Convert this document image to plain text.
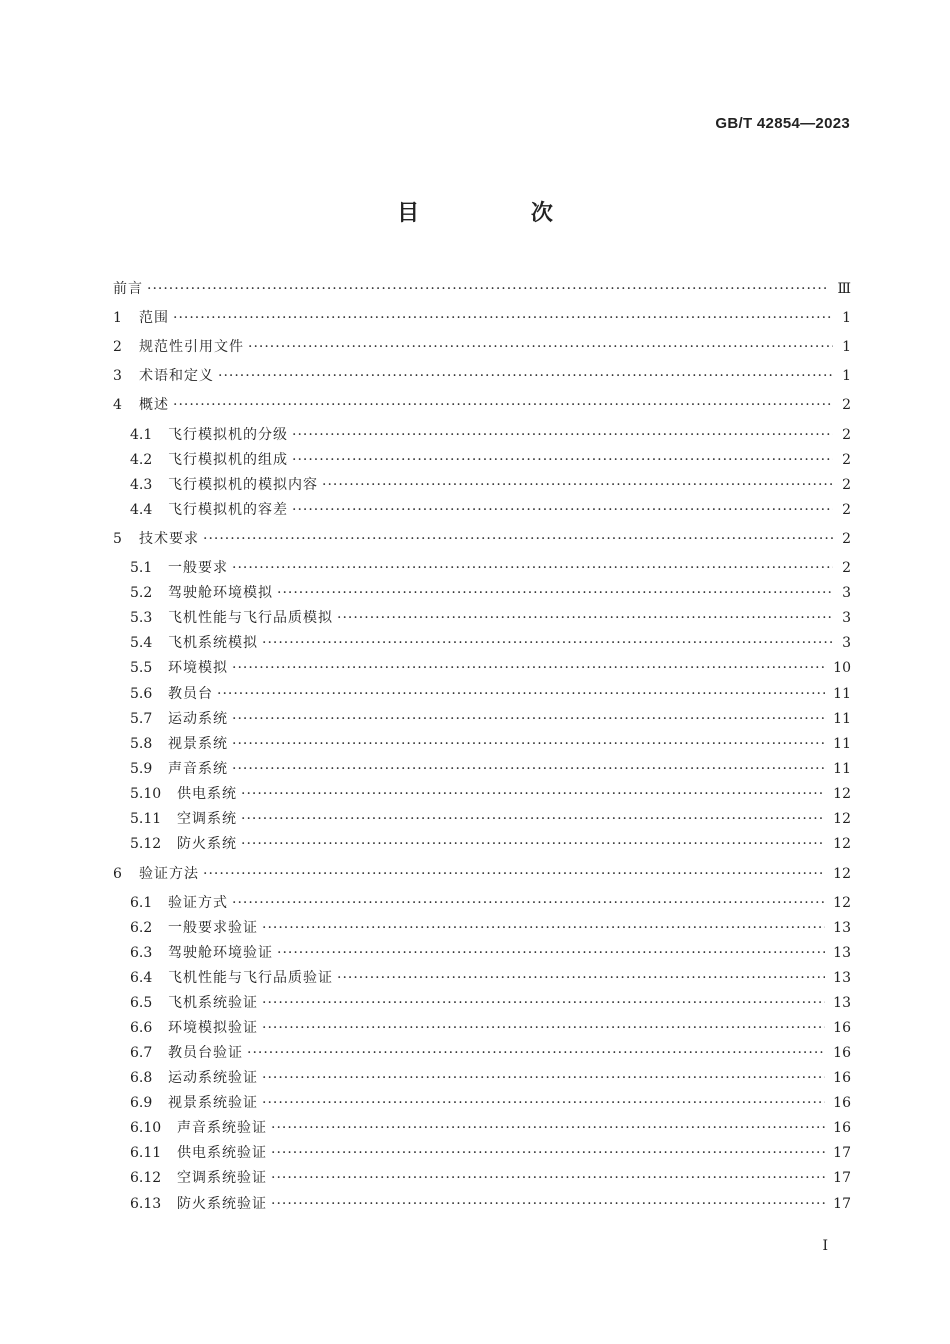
GB/T 42854—2023
目 次
前言 ·····	Ⅲ
1	范围 ·····	1
2	规范性引用文件 ·····	1
3	术语和定义 ·····	1
4	概述 ·····	2
4.1	飞行模拟机的分级 ·····	2
4.2	飞行模拟机的组成 ·····	2
4.3	飞行模拟机的模拟内容 ·····	2
4.4	飞行模拟机的容差 ·····	2
5	技术要求 ·····	2
5.1	一般要求 ·····	2
5.2	驾驶舱环境模拟 ·····	3
5.3	飞机性能与飞行品质模拟 ·····	3
5.4	飞机系统模拟 ·····	3
5.5	环境模拟 ·····	10
5.6	教员台 ·····	11
5.7	运动系统 ·····	11
5.8	视景系统 ·····	11
5.9	声音系统 ·····	11
5.10	供电系统 ·····	12
5.11	空调系统 ·····	12
5.12	防火系统 ·····	12
6	验证方法 ·····	12
6.1	验证方式 ·····	12
6.2	一般要求验证 ·····	13
6.3	驾驶舱环境验证 ·····	13
6.4	飞机性能与飞行品质验证 ·····	13
6.5	飞机系统验证 ·····	13
6.6	环境模拟验证 ·····	16
6.7	教员台验证 ·····	16
6.8	运动系统验证 ·····	16
6.9	视景系统验证 ·····	16
6.10	声音系统验证 ·····	16
6.11	供电系统验证 ·····	17
6.12	空调系统验证 ·····	17
6.13	防火系统验证 ·····	17
I
